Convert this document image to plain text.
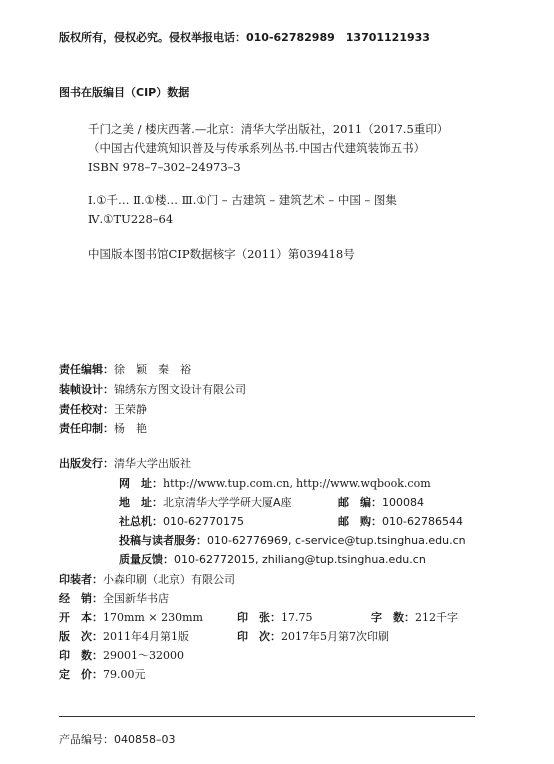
版权所有，侵权必究。侵权举报电话：010-62782989　13701121933
图书在版编目（CIP）数据
千门之美 / 楼庆西著.—北京：清华大学出版社，2011（2017.5重印）
（中国古代建筑知识普及与传承系列丛书.中国古代建筑装饰五书）
ISBN 978–7–302–24973–3
Ⅰ.①千… Ⅱ.①楼… Ⅲ.①门 – 古建筑 – 建筑艺术 – 中国 – 图集
Ⅳ.①TU228–64
中国版本图书馆CIP数据核字（2011）第039418号
责任编辑：徐　颖　秦　裕
装帧设计：锦绣东方图文设计有限公司
责任校对：王荣静
责任印制：杨　艳
出版发行：清华大学出版社
网　址：http://www.tup.com.cn, http://www.wqbook.com
地　址：北京清华大学学研大厦A座	邮　编：100084
社总机：010-62770175	邮　购：010-62786544
投稿与读者服务：010-62776969, c-service@tup.tsinghua.edu.cn
质量反馈：010-62772015, zhiliang@tup.tsinghua.edu.cn
印装者：小森印刷（北京）有限公司
经　销：全国新华书店
开　本：170mm × 230mm	印　张：17.75	字　数：212千字
版　次：2011年4月第1版	印　次：2017年5月第7次印刷
印　数：29001～32000
定　价：79.00元
产品编号：040858–03
